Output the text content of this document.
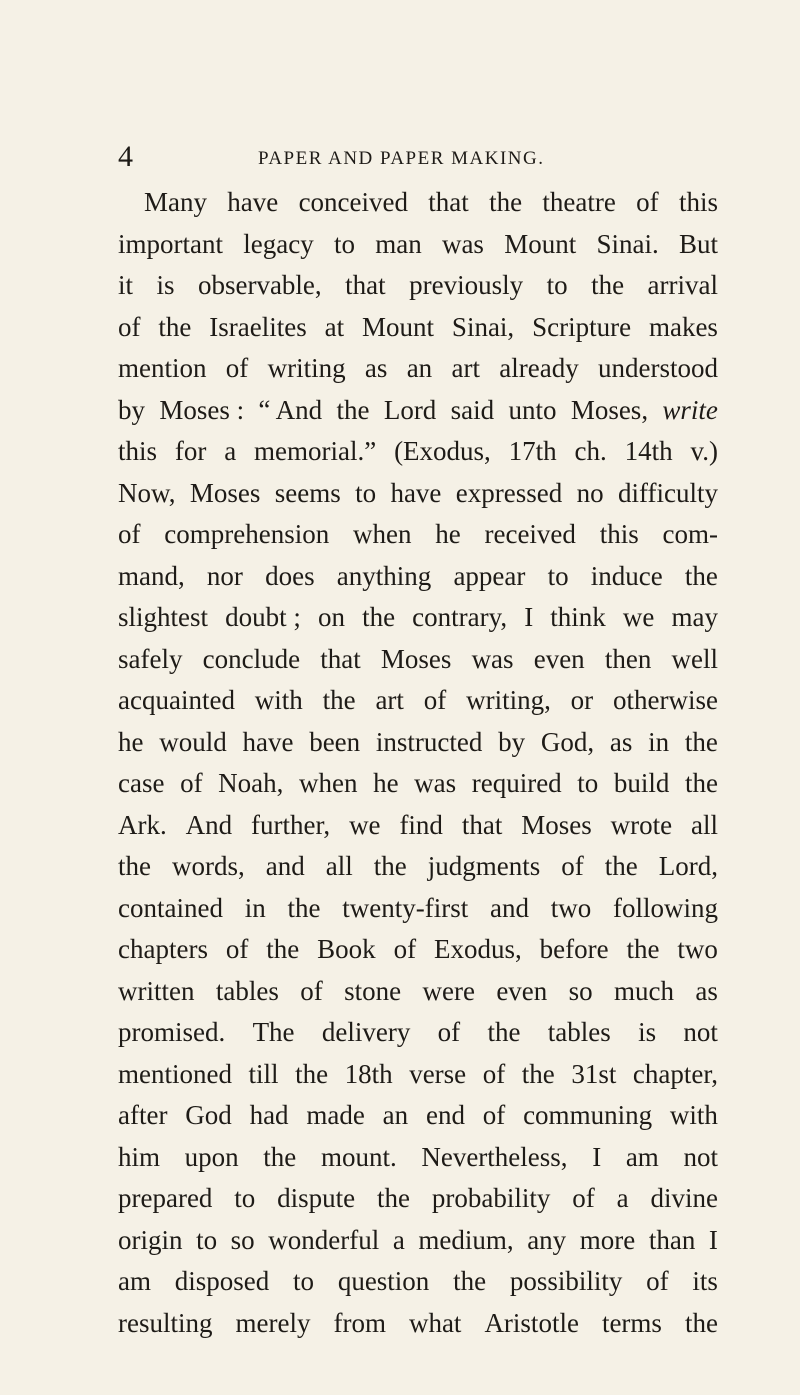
4	PAPER AND PAPER MAKING.
Many have conceived that the theatre of this
important legacy to man was Mount Sinai. But
it is observable, that previously to the arrival
of the Israelites at Mount Sinai, Scripture makes
mention of writing as an art already understood
by Moses : “ And the Lord said unto Moses, write
this for a memorial.” (Exodus, 17th ch. 14th v.)
Now, Moses seems to have expressed no difficulty
of comprehension when he received this com-
mand, nor does anything appear to induce the
slightest doubt ; on the contrary, I think we may
safely conclude that Moses was even then well
acquainted with the art of writing, or otherwise
he would have been instructed by God, as in the
case of Noah, when he was required to build the
Ark. And further, we find that Moses wrote all
the words, and all the judgments of the Lord,
contained in the twenty-first and two following
chapters of the Book of Exodus, before the two
written tables of stone were even so much as
promised. The delivery of the tables is not
mentioned till the 18th verse of the 31st chapter,
after God had made an end of communing with
him upon the mount. Nevertheless, I am not
prepared to dispute the probability of a divine
origin to so wonderful a medium, any more than I
am disposed to question the possibility of its
resulting merely from what Aristotle terms the
